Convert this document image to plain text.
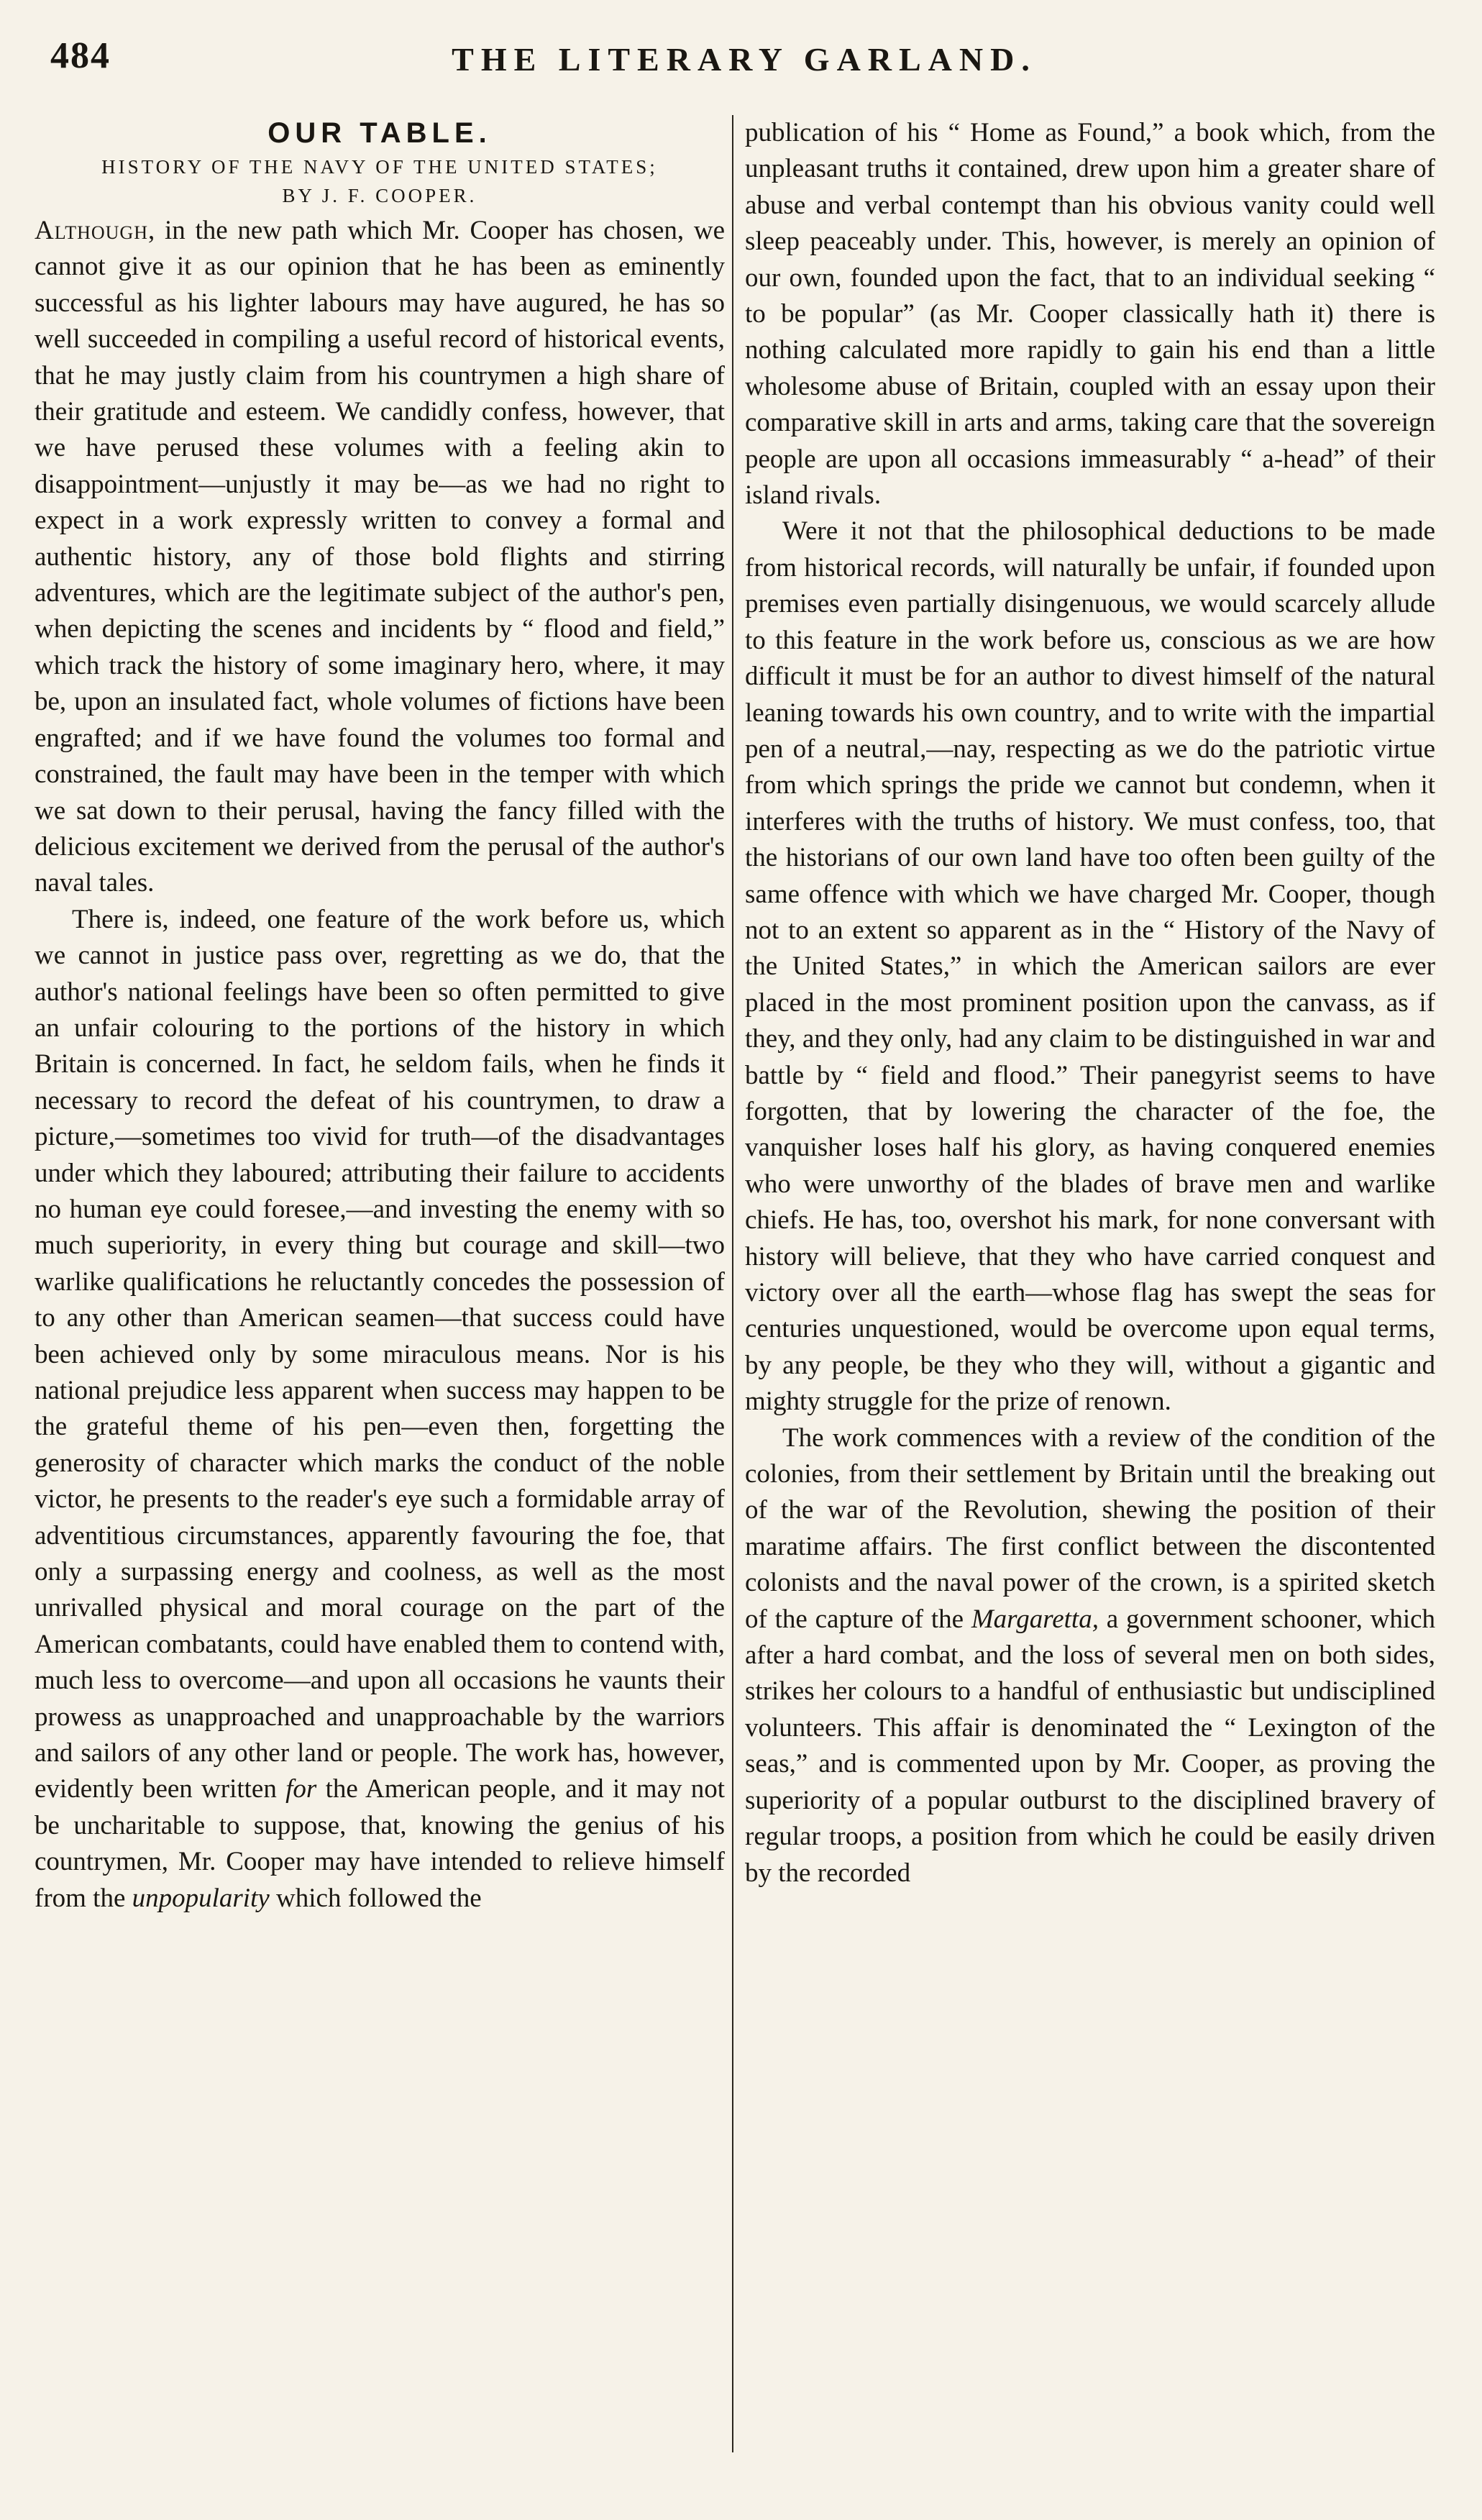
484	THE LITERARY GARLAND.
OUR TABLE.
HISTORY OF THE NAVY OF THE UNITED STATES;
BY J. F. COOPER.

Although, in the new path which Mr. Cooper has chosen, we cannot give it as our opinion that he has been as eminently successful as his lighter labours may have augured, he has so well succeeded in compiling a useful record of historical events, that he may justly claim from his countrymen a high share of their gratitude and esteem. We candidly confess, however, that we have perused these volumes with a feeling akin to disappointment—unjustly it may be—as we had no right to expect in a work expressly written to convey a formal and authentic history, any of those bold flights and stirring adventures, which are the legitimate subject of the author's pen, when depicting the scenes and incidents by “ flood and field,” which track the history of some imaginary hero, where, it may be, upon an insulated fact, whole volumes of fictions have been engrafted; and if we have found the volumes too formal and constrained, the fault may have been in the temper with which we sat down to their perusal, having the fancy filled with the delicious excitement we derived from the perusal of the author's naval tales.

There is, indeed, one feature of the work before us, which we cannot in justice pass over, regretting as we do, that the author's national feelings have been so often permitted to give an unfair colouring to the portions of the history in which Britain is concerned. In fact, he seldom fails, when he finds it necessary to record the defeat of his countrymen, to draw a picture,—sometimes too vivid for truth—of the disadvantages under which they laboured; attributing their failure to accidents no human eye could foresee,—and investing the enemy with so much superiority, in every thing but courage and skill—two warlike qualifications he reluctantly concedes the possession of to any other than American seamen—that success could have been achieved only by some miraculous means. Nor is his national prejudice less apparent when success may happen to be the grateful theme of his pen—even then, forgetting the generosity of character which marks the conduct of the noble victor, he presents to the reader's eye such a formidable array of adventitious circumstances, apparently favouring the foe, that only a surpassing energy and coolness, as well as the most unrivalled physical and moral courage on the part of the American combatants, could have enabled them to contend with, much less to overcome—and upon all occasions he vaunts their prowess as unapproached and unapproachable by the warriors and sailors of any other land or people. The work has, however, evidently been written for the American people, and it may not be uncharitable to suppose, that, knowing the genius of his countrymen, Mr. Cooper may have intended to relieve himself from the unpopularity which followed the

publication of his “ Home as Found,” a book which, from the unpleasant truths it contained, drew upon him a greater share of abuse and verbal contempt than his obvious vanity could well sleep peaceably under. This, however, is merely an opinion of our own, founded upon the fact, that to an individual seeking “ to be popular” (as Mr. Cooper classically hath it) there is nothing calculated more rapidly to gain his end than a little wholesome abuse of Britain, coupled with an essay upon their comparative skill in arts and arms, taking care that the sovereign people are upon all occasions immeasurably “ a-head” of their island rivals.

Were it not that the philosophical deductions to be made from historical records, will naturally be unfair, if founded upon premises even partially disingenuous, we would scarcely allude to this feature in the work before us, conscious as we are how difficult it must be for an author to divest himself of the natural leaning towards his own country, and to write with the impartial pen of a neutral,—nay, respecting as we do the patriotic virtue from which springs the pride we cannot but condemn, when it interferes with the truths of history. We must confess, too, that the historians of our own land have too often been guilty of the same offence with which we have charged Mr. Cooper, though not to an extent so apparent as in the “ History of the Navy of the United States,” in which the American sailors are ever placed in the most prominent position upon the canvass, as if they, and they only, had any claim to be distinguished in war and battle by “ field and flood.” Their panegyrist seems to have forgotten, that by lowering the character of the foe, the vanquisher loses half his glory, as having conquered enemies who were unworthy of the blades of brave men and warlike chiefs. He has, too, overshot his mark, for none conversant with history will believe, that they who have carried conquest and victory over all the earth—whose flag has swept the seas for centuries unquestioned, would be overcome upon equal terms, by any people, be they who they will, without a gigantic and mighty struggle for the prize of renown.

The work commences with a review of the condition of the colonies, from their settlement by Britain until the breaking out of the war of the Revolution, shewing the position of their maratime affairs. The first conflict between the discontented colonists and the naval power of the crown, is a spirited sketch of the capture of the Margaretta, a government schooner, which after a hard combat, and the loss of several men on both sides, strikes her colours to a handful of enthusiastic but undisciplined volunteers. This affair is denominated the “ Lexington of the seas,” and is commented upon by Mr. Cooper, as proving the superiority of a popular outburst to the disciplined bravery of regular troops, a position from which he could be easily driven by the recorded
